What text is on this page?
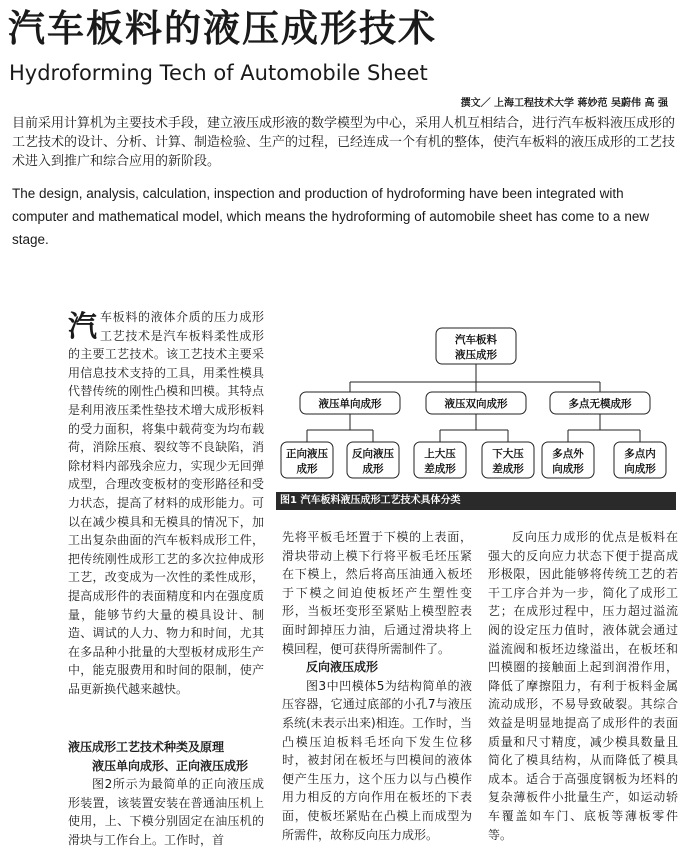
汽车板料的液压成形技术
Hydroforming Tech of Automobile Sheet
撰文／ 上海工程技术大学 蒋妙范 吴蔚伟 高 强
目前采用计算机为主要技术手段，建立液压成形液的数学模型为中心，采用人机互相结合，进行汽车板料液压成形的工艺技术的设计、分析、计算、制造检验、生产的过程，已经连成一个有机的整体，使汽车板料的液压成形的工艺技术进入到推广和综合应用的新阶段。
The design, analysis, calculation, inspection and production of hydroforming have been integrated with computer and mathematical model, which means the hydroforming of automobile sheet has come to a new stage.
汽 车板料的液体介质的压力成形工艺技术是汽车板料柔性成形的主要工艺技术。该工艺技术主要采用信息技术支持的工具，用柔性模具代替传统的刚性凸模和凹模。其特点是利用液压柔性垫技术增大成形板料的受力面积，将集中载荷变为均布载荷，消除压痕、裂纹等不良缺陷，消除材料内部残余应力，实现少无回弹成型，合理改变板材的变形路径和受力状态，提高了材料的成形能力。可以在减少模具和无模具的情况下，加工出复杂曲面的汽车板料成形工件，把传统刚性成形工艺的多次拉伸成形工艺，改变成为一次性的柔性成形，提高成形件的表面精度和内在强度质量，能够节约大量的模具设计、制造、调试的人力、物力和时间，尤其在多品种小批量的大型板材成形生产中，能克服费用和时间的限制，使产品更新换代越来越快。

液压成形工艺技术种类及原理

液压单向成形、正向液压成形

图2所示为最简单的正向液压成形装置，该装置安装在普通油压机上使用，上、下模分别固定在油压机的滑块与工作台上。工作时，首

先将平板毛坯置于下模的上表面，滑块带动上模下行将平板毛坯压紧在下模上，然后将高压油通入板坯于下模之间迫使板坯产生塑性变形，当板坯变形至紧贴上模型腔表面时卸掉压力油，后通过滑块将上模回程，便可获得所需制件了。

反向液压成形

图3中凹模体5为结构简单的液压容器，它通过底部的小孔7与液压系统(未表示出来)相连。工作时，当凸模压迫板料毛坯向下发生位移时，被封闭在板坯与凹模间的液体便产生压力，这个压力以与凸模作用力相反的方向作用在板坯的下表面，使板坯紧贴在凸模上而成型为所需件，故称反向压力成形。

反向压力成形的优点是板料在强大的反向应力状态下便于提高成形极限，因此能够将传统工艺的若干工序合并为一步，简化了成形工艺；在成形过程中，压力超过溢流阀的设定压力值时，液体就会通过溢流阀和板坯边缘溢出，在板坯和凹模圈的接触面上起到润滑作用，降低了摩擦阻力，有利于板料金属流动成形，不易导致破裂。其综合效益是明显地提高了成形件的表面质量和尺寸精度，减少模具数量且简化了模具结构，从而降低了模具成本。适合于高强度钢板为坯料的复杂薄板件小批量生产，如运动轿车覆盖如车门、底板等薄板零件等。

汽车板料
液压成形
液压单向成形	液压双向成形	多点无模成形
正向液压
成形
反向液压
成形
上大压
差成形
下大压
差成形
多点外
向成形
多点内
向成形
图1 汽车板料液压成形工艺技术具体分类
